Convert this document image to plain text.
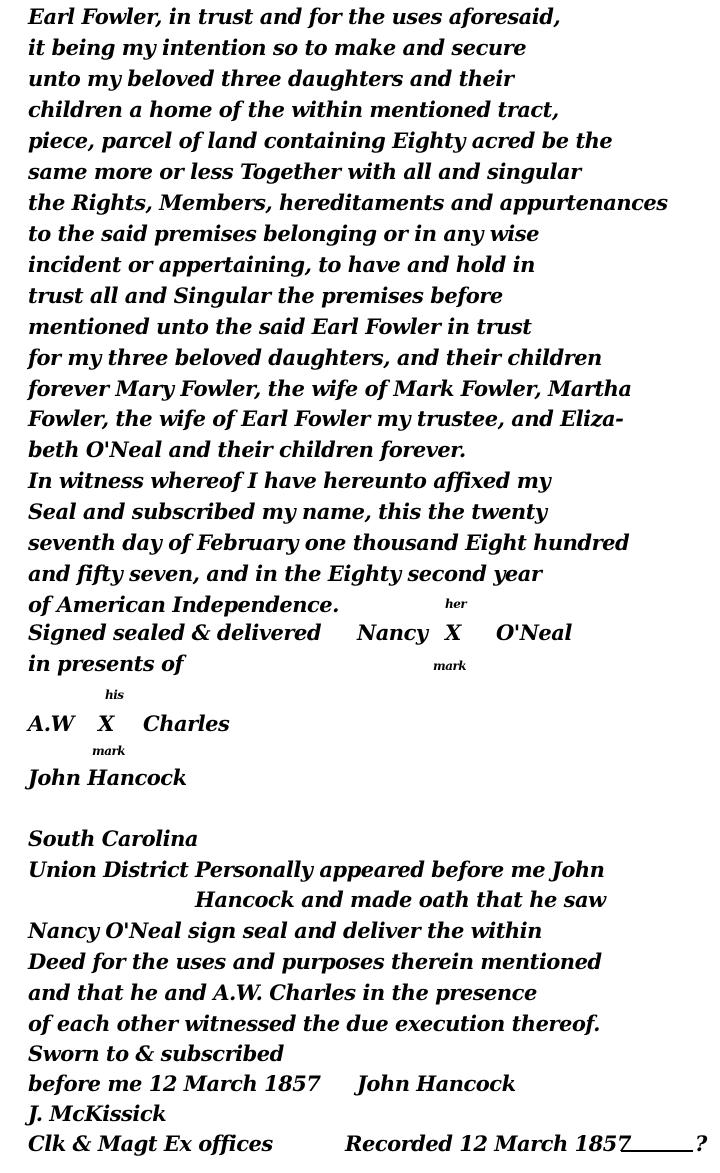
Earl Fowler, in trust and for the uses aforesaid,
it being my intention so to make and secure
unto my beloved three daughters and their
children a home of the within mentioned tract,
piece, parcel of land containing Eighty acred be the
same more or less Together with all and singular
the Rights, Members, hereditaments and appurtenances
to the said premises belonging or in any wise
incident or appertaining, to have and hold in
trust all and Singular the premises before
mentioned unto the said Earl Fowler in trust
for my three beloved daughters, and their children
forever Mary Fowler, the wife of Mark Fowler, Martha
Fowler, the wife of Earl Fowler my trustee, and Eliza-
beth O'Neal and their children forever.
In witness whereof I have hereunto affixed my
Seal and subscribed my name, this the twenty
seventh day of February one thousand Eight hundred
and fifty seven, and in the Eighty second year
of American Independence.	her
Signed sealed & delivered Nancy X O'Neal
in presents of	mark
his
A.W X Charles
mark
John Hancock
South Carolina
Union District Personally appeared before me John
Hancock and made oath that he saw
Nancy O'Neal sign seal and deliver the within
Deed for the uses and purposes therein mentioned
and that he and A.W. Charles in the presence
of each other witnessed the due execution thereof.
Sworn to & subscribed
before me 12 March 1857 John Hancock
J. McKissick
Clk & Magt Ex offices	Recorded 12 March 1857	?
